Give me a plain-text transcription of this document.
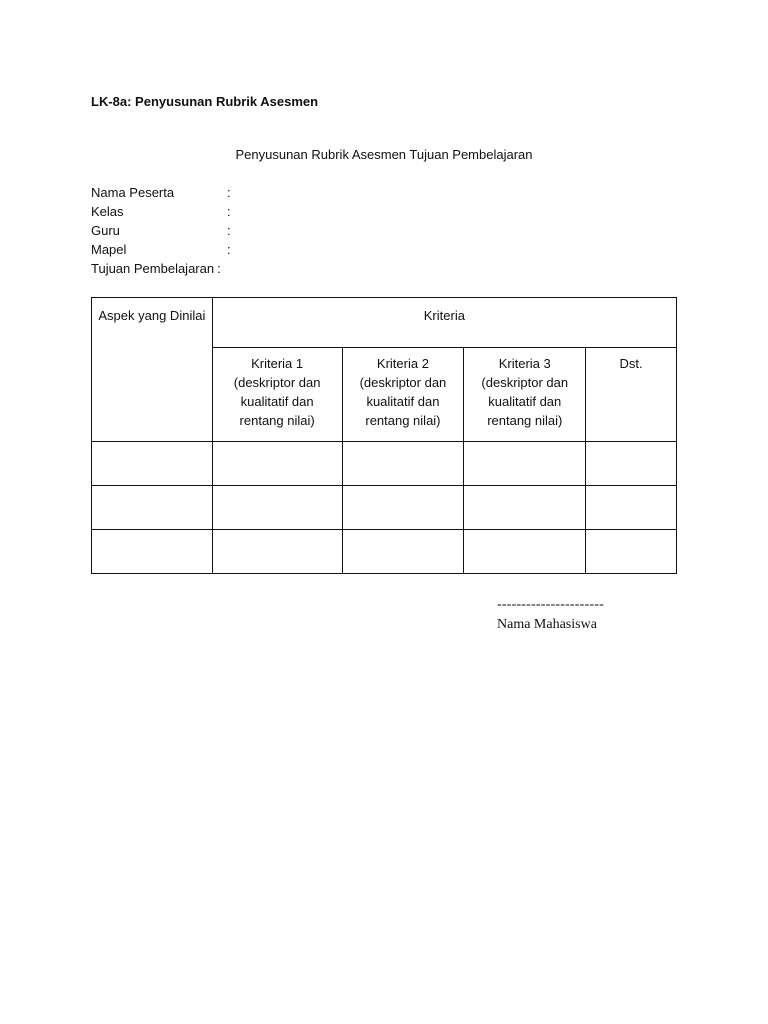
LK-8a: Penyusunan Rubrik Asesmen
Penyusunan Rubrik Asesmen Tujuan Pembelajaran
Nama Peserta	:
Kelas	:
Guru	:
Mapel	:
Tujuan Pembelajaran :
Aspek yang Dinilai	Kriteria			

	Kriteria 1 (deskriptor dan kualitatif dan rentang nilai)	Kriteria 2 (deskriptor dan kualitatif dan rentang nilai)	Kriteria 3 (deskriptor dan kualitatif dan rentang nilai)	Dst.

----------------------
Nama Mahasiswa
